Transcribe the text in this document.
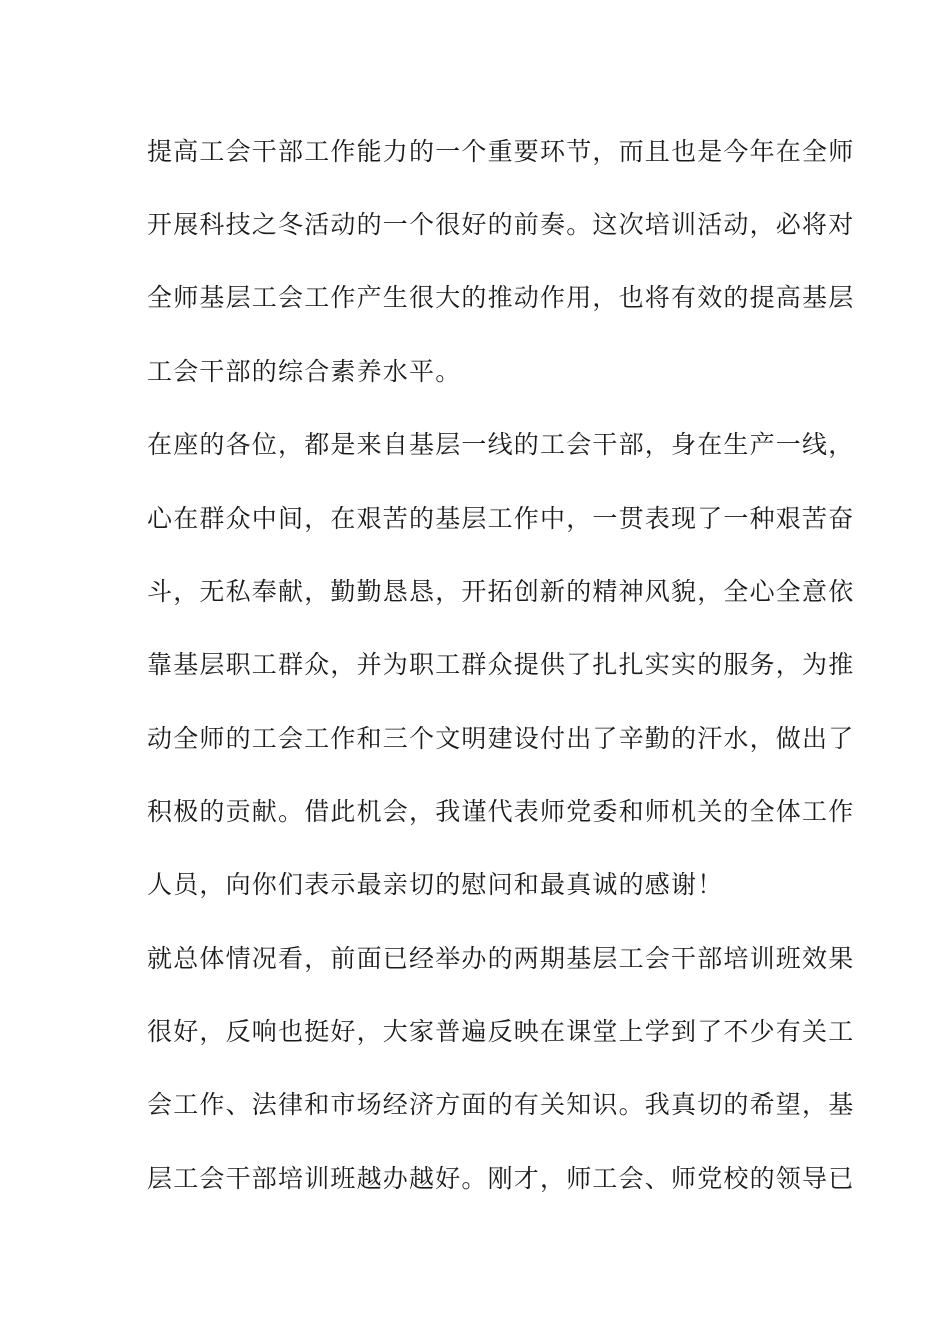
提高工会干部工作能力的一个重要环节，而且也是今年在全师
开展科技之冬活动的一个很好的前奏。这次培训活动，必将对
全师基层工会工作产生很大的推动作用，也将有效的提高基层
工会干部的综合素养水平。
在座的各位，都是来自基层一线的工会干部，身在生产一线，
心在群众中间，在艰苦的基层工作中，一贯表现了一种艰苦奋
斗，无私奉献，勤勤恳恳，开拓创新的精神风貌，全心全意依
靠基层职工群众，并为职工群众提供了扎扎实实的服务，为推
动全师的工会工作和三个文明建设付出了辛勤的汗水，做出了
积极的贡献。借此机会，我谨代表师党委和师机关的全体工作
人员，向你们表示最亲切的慰问和最真诚的感谢！
就总体情况看，前面已经举办的两期基层工会干部培训班效果
很好，反响也挺好，大家普遍反映在课堂上学到了不少有关工
会工作、法律和市场经济方面的有关知识。我真切的希望，基
层工会干部培训班越办越好。刚才，师工会、师党校的领导已
